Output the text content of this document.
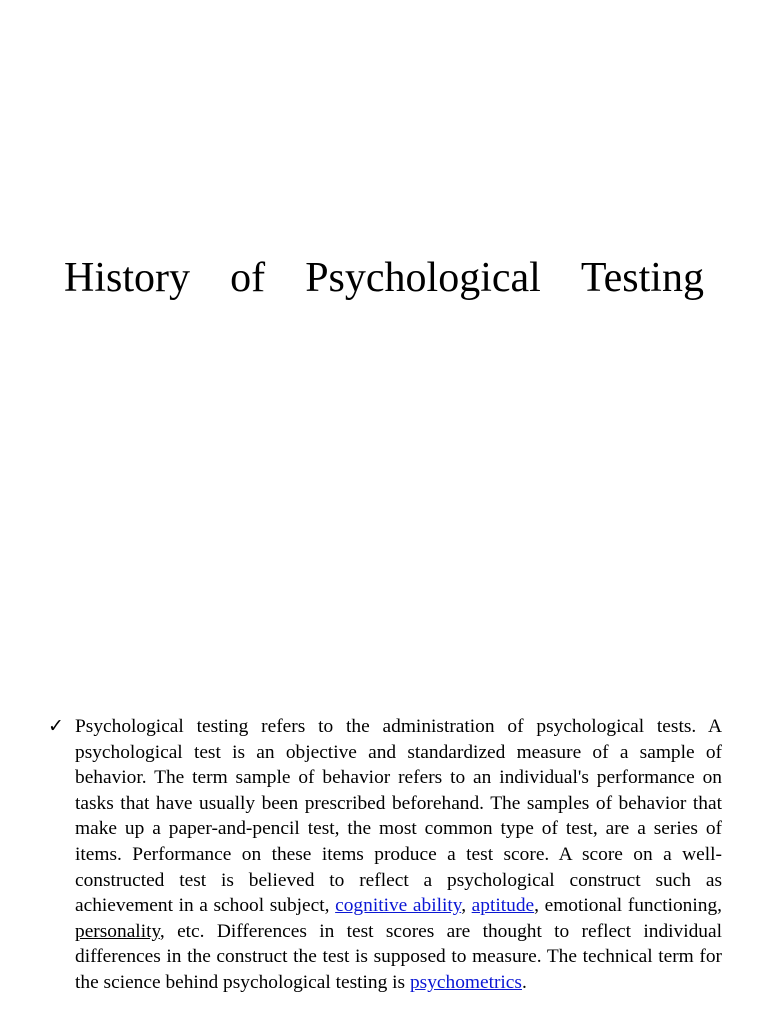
History of Psychological Testing
✓ Psychological testing refers to the administration of psychological tests. A psychological test is an objective and standardized measure of a sample of behavior. The term sample of behavior refers to an individual's performance on tasks that have usually been prescribed beforehand. The samples of behavior that make up a paper-and-pencil test, the most common type of test, are a series of items. Performance on these items produce a test score. A score on a well-constructed test is believed to reflect a psychological construct such as achievement in a school subject, cognitive ability, aptitude, emotional functioning, personality, etc. Differences in test scores are thought to reflect individual differences in the construct the test is supposed to measure. The technical term for the science behind psychological testing is psychometrics.
